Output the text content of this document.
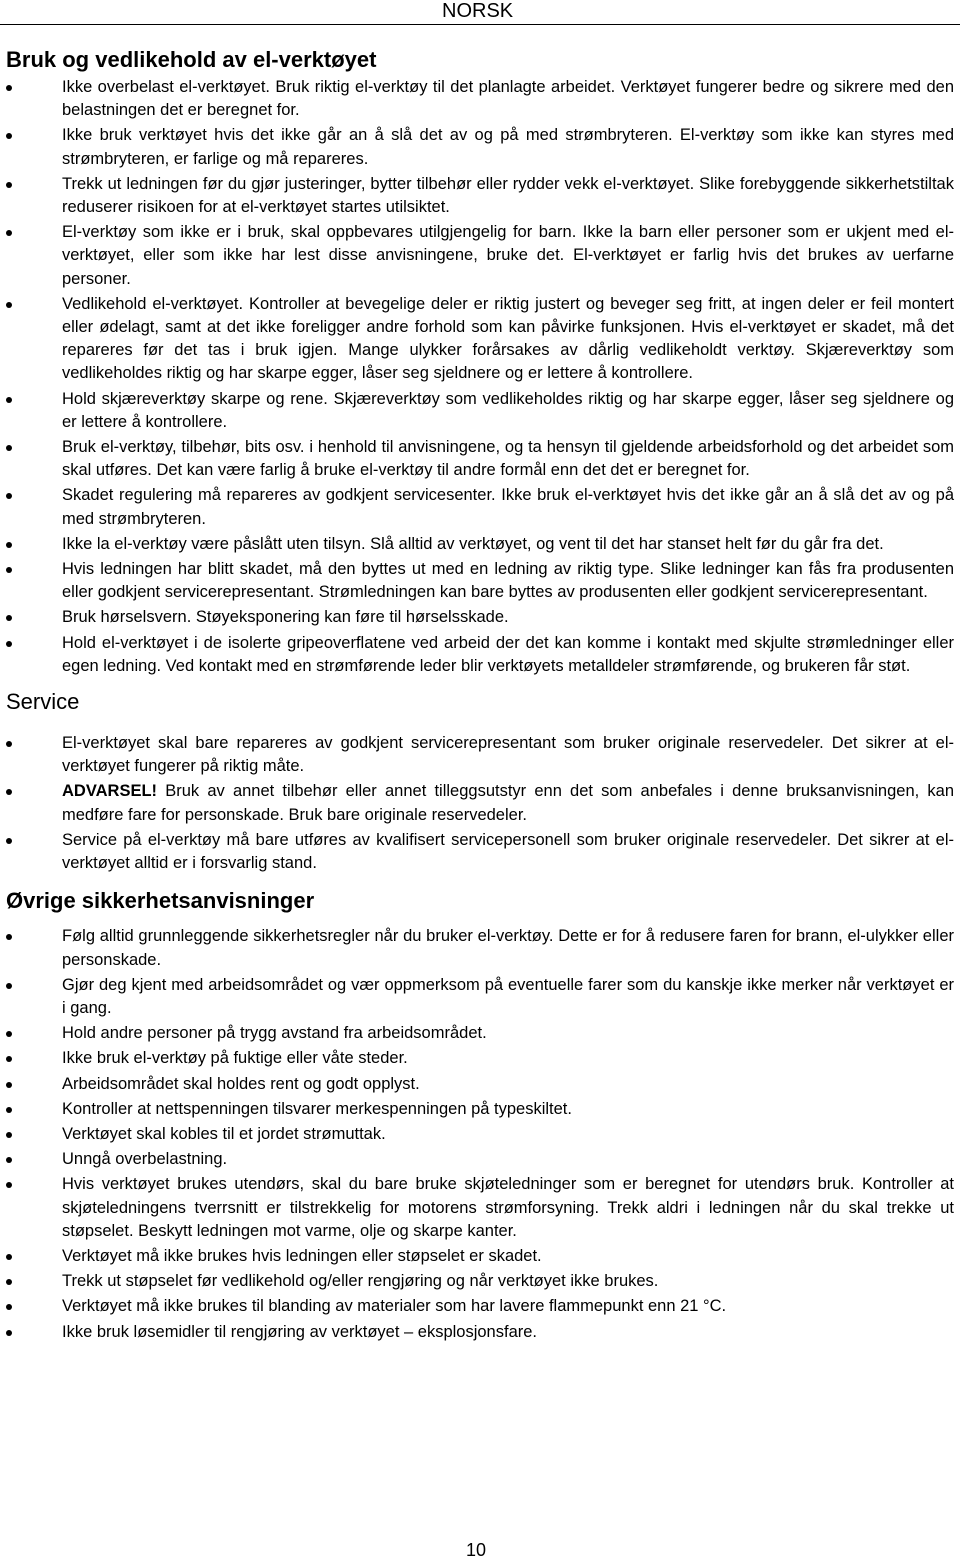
NORSK
Bruk og vedlikehold av el-verktøyet
Ikke overbelast el-verktøyet. Bruk riktig el-verktøy til det planlagte arbeidet. Verktøyet fungerer bedre og sikrere med den belastningen det er beregnet for.
Ikke bruk verktøyet hvis det ikke går an å slå det av og på med strømbryteren. El-verktøy som ikke kan styres med strømbryteren, er farlige og må repareres.
Trekk ut ledningen før du gjør justeringer, bytter tilbehør eller rydder vekk el-verktøyet. Slike forebyggende sikkerhetstiltak reduserer risikoen for at el-verktøyet startes utilsiktet.
El-verktøy som ikke er i bruk, skal oppbevares utilgjengelig for barn. Ikke la barn eller personer som er ukjent med el-verktøyet, eller som ikke har lest disse anvisningene, bruke det. El-verktøyet er farlig hvis det brukes av uerfarne personer.
Vedlikehold el-verktøyet. Kontroller at bevegelige deler er riktig justert og beveger seg fritt, at ingen deler er feil montert eller ødelagt, samt at det ikke foreligger andre forhold som kan påvirke funksjonen. Hvis el-verktøyet er skadet, må det repareres før det tas i bruk igjen. Mange ulykker forårsakes av dårlig vedlikeholdt verktøy. Skjæreverktøy som vedlikeholdes riktig og har skarpe egger, låser seg sjeldnere og er lettere å kontrollere.
Hold skjæreverktøy skarpe og rene. Skjæreverktøy som vedlikeholdes riktig og har skarpe egger, låser seg sjeldnere og er lettere å kontrollere.
Bruk el-verktøy, tilbehør, bits osv. i henhold til anvisningene, og ta hensyn til gjeldende arbeidsforhold og det arbeidet som skal utføres. Det kan være farlig å bruke el-verktøy til andre formål enn det det er beregnet for.
Skadet regulering må repareres av godkjent servicesenter. Ikke bruk el-verktøyet hvis det ikke går an å slå det av og på med strømbryteren.
Ikke la el-verktøy være påslått uten tilsyn. Slå alltid av verktøyet, og vent til det har stanset helt før du går fra det.
Hvis ledningen har blitt skadet, må den byttes ut med en ledning av riktig type. Slike ledninger kan fås fra produsenten eller godkjent servicerepresentant. Strømledningen kan bare byttes av produsenten eller godkjent servicerepresentant.
Bruk hørselsvern. Støyeksponering kan føre til hørselsskade.
Hold el-verktøyet i de isolerte gripeoverflatene ved arbeid der det kan komme i kontakt med skjulte strømledninger eller egen ledning. Ved kontakt med en strømførende leder blir verktøyets metalldeler strømførende, og brukeren får støt.
Service
El-verktøyet skal bare repareres av godkjent servicerepresentant som bruker originale reservedeler. Det sikrer at el-verktøyet fungerer på riktig måte.
ADVARSEL! Bruk av annet tilbehør eller annet tilleggsutstyr enn det som anbefales i denne bruksanvisningen, kan medføre fare for personskade. Bruk bare originale reservedeler.
Service på el-verktøy må bare utføres av kvalifisert servicepersonell som bruker originale reservedeler. Det sikrer at el-verktøyet alltid er i forsvarlig stand.
Øvrige sikkerhetsanvisninger
Følg alltid grunnleggende sikkerhetsregler når du bruker el-verktøy. Dette er for å redusere faren for brann, el-ulykker eller personskade.
Gjør deg kjent med arbeidsområdet og vær oppmerksom på eventuelle farer som du kanskje ikke merker når verktøyet er i gang.
Hold andre personer på trygg avstand fra arbeidsområdet.
Ikke bruk el-verktøy på fuktige eller våte steder.
Arbeidsområdet skal holdes rent og godt opplyst.
Kontroller at nettspenningen tilsvarer merkespenningen på typeskiltet.
Verktøyet skal kobles til et jordet strømuttak.
Unngå overbelastning.
Hvis verktøyet brukes utendørs, skal du bare bruke skjøteledninger som er beregnet for utendørs bruk. Kontroller at skjøteledningens tverrsnitt er tilstrekkelig for motorens strømforsyning. Trekk aldri i ledningen når du skal trekke ut støpselet. Beskytt ledningen mot varme, olje og skarpe kanter.
Verktøyet må ikke brukes hvis ledningen eller støpselet er skadet.
Trekk ut støpselet før vedlikehold og/eller rengjøring og når verktøyet ikke brukes.
Verktøyet må ikke brukes til blanding av materialer som har lavere flammepunkt enn 21 °C.
Ikke bruk løsemidler til rengjøring av verktøyet – eksplosjonsfare.
10
